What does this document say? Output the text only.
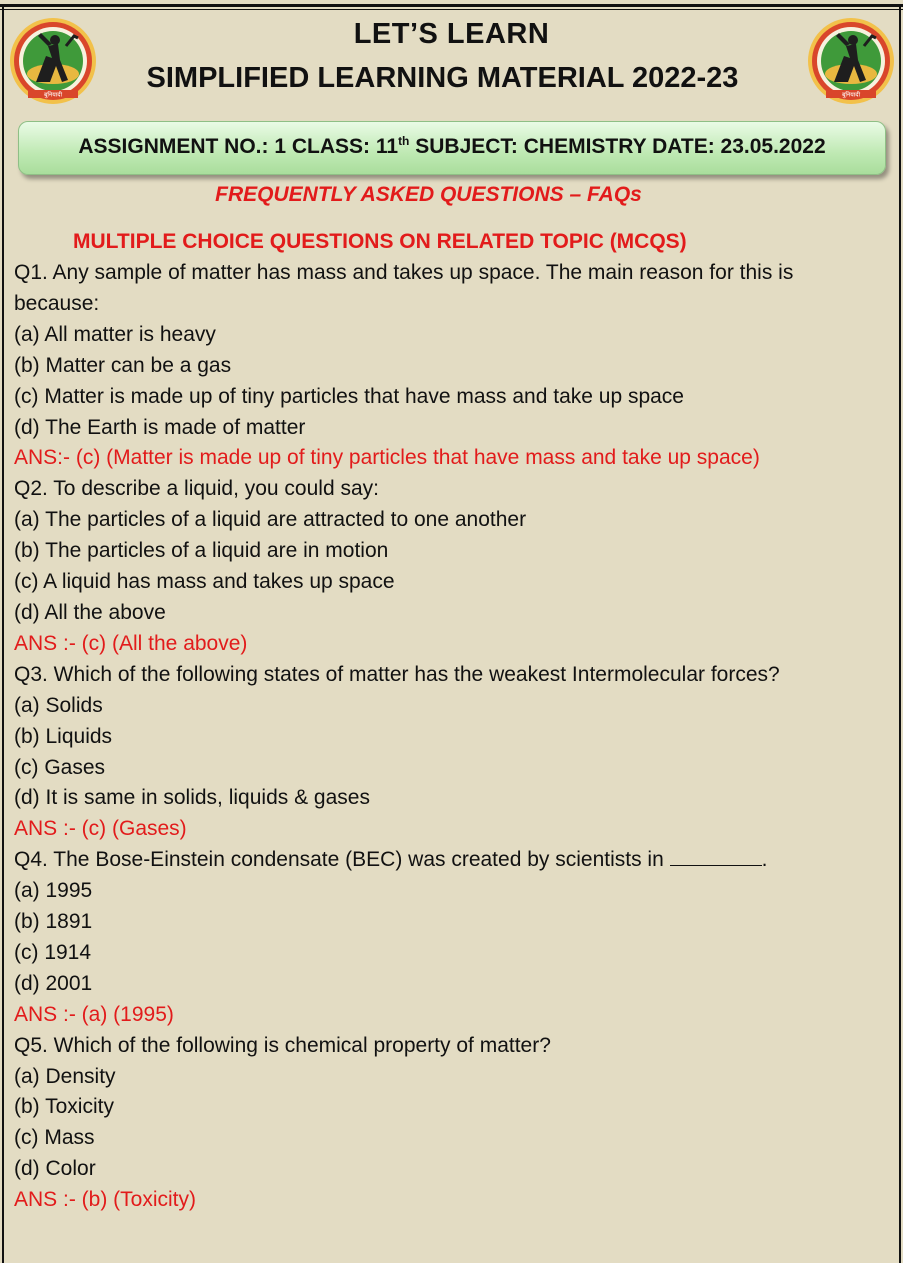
बुनियादी	बुनियादी
LET’S LEARN
SIMPLIFIED LEARNING MATERIAL 2022-23
ASSIGNMENT NO.: 1 CLASS: 11th SUBJECT: CHEMISTRY DATE: 23.05.2022
FREQUENTLY ASKED QUESTIONS – FAQs
MULTIPLE CHOICE QUESTIONS ON RELATED TOPIC (MCQS)
Q1. Any sample of matter has mass and takes up space. The main reason for this is because:
(a) All matter is heavy
(b) Matter can be a gas
(c) Matter is made up of tiny particles that have mass and take up space
(d) The Earth is made of matter
ANS:- (c) (Matter is made up of tiny particles that have mass and take up space)
Q2. To describe a liquid, you could say:
(a) The particles of a liquid are attracted to one another
(b) The particles of a liquid are in motion
(c) A liquid has mass and takes up space
(d) All the above
ANS :- (c) (All the above)
Q3. Which of the following states of matter has the weakest Intermolecular forces?
(a) Solids
(b) Liquids
(c) Gases
(d) It is same in solids, liquids & gases
ANS :- (c) (Gases)
Q4. The Bose-Einstein condensate (BEC) was created by scientists in	.
(a) 1995
(b) 1891
(c) 1914
(d) 2001
ANS :- (a) (1995)
Q5. Which of the following is chemical property of matter?
(a) Density
(b) Toxicity
(c) Mass
(d) Color
ANS :- (b) (Toxicity)
